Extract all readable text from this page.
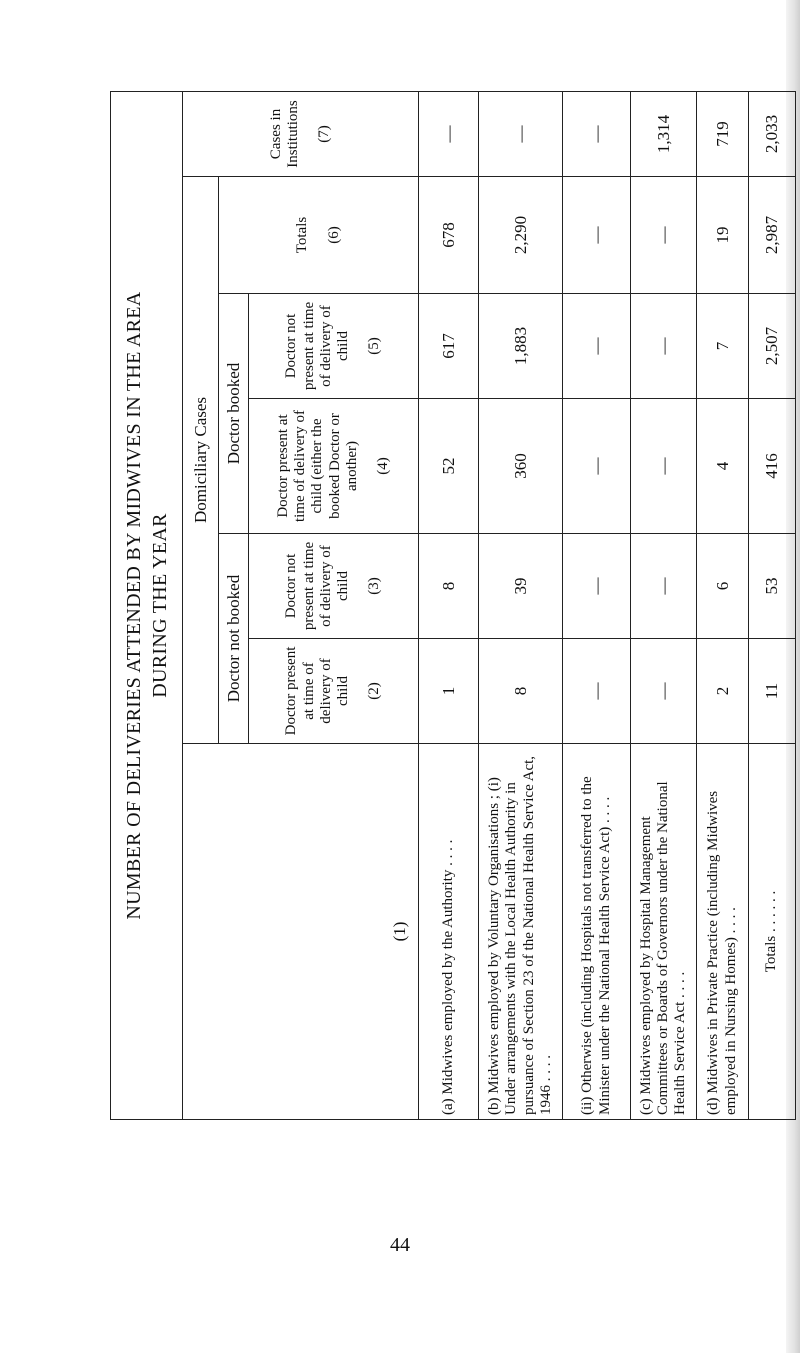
NUMBER OF DELIVERIES ATTENDED BY MIDWIVES IN THE AREA DURING THE YEAR						
(1)	Domiciliary Cases					Cases in Institutions (7)

	Doctor not booked		Doctor booked		Totals (6)	

	Doctor present at time of delivery of child (2)	Doctor not present at time of delivery of child (3)	Doctor present at time of delivery of child (either the booked Doctor or another) (4)	Doctor not present at time of delivery of child (5)		

(a) Midwives employed by the Authority . . . .	1	8	52	617	678	—
(b) Midwives employed by Voluntary Organisations ; (i) Under arrangements with the Local Health Authority in pursuance of Section 23 of the National Health Service Act, 1946 . . . .	8	39	360	1,883	2,290	—
(ii) Otherwise (including Hospitals not transferred to the Minister under the National Health Service Act) . . . .	—	—	—	—	—	—
(c) Midwives employed by Hospital Management Committees or Boards of Governors under the National Health Service Act . . . .	—	—	—	—	—	1,314
(d) Midwives in Private Practice (including Midwives employed in Nursing Homes) . . . .	2	6	4	7	19	719
Totals . . . . . .	11	53	416	2,507	2,987	2,033
44
